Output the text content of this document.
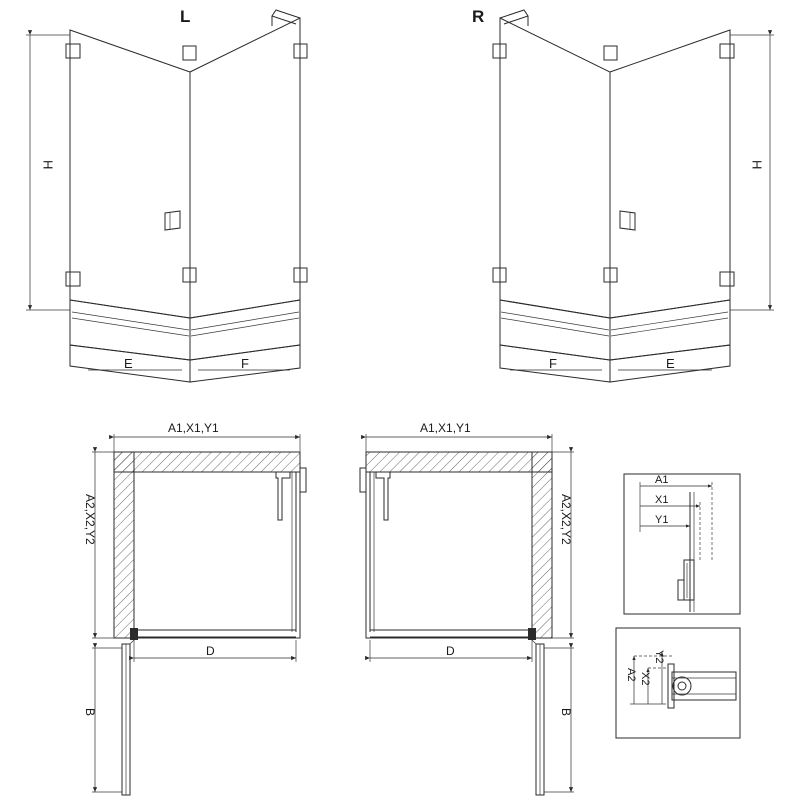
H
E	F
L
H
F	E
R
A1,X1,Y1
A2,X2,Y2
D
B
A1,X1,Y1
A2,X2,Y2
D
B
A1
X1
Y1
A2 X2
Y2
